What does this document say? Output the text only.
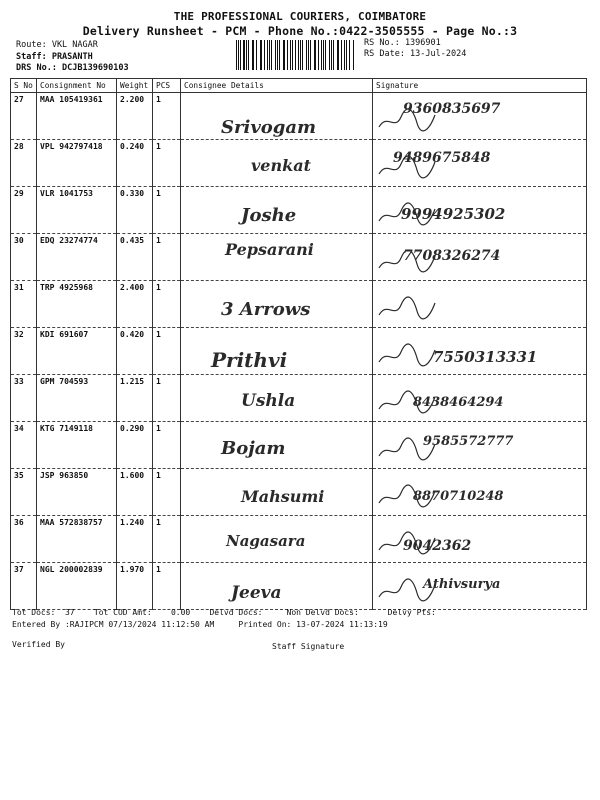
THE PROFESSIONAL COURIERS, COIMBATORE
Delivery Runsheet - PCM - Phone No.:0422-3505555 - Page No.:3
Route: VKL NAGAR
Staff: PRASANTH
DRS No.: DCJB139690103
RS No.: 1396901
RS Date: 13-Jul-2024
S No	Consignment No	Weight	PCS	Consignee Details	Signature
27	MAA 105419361	2.200	1	Srivogam	9360835697

28	VPL 942797418	0.240	1	venkat	9489675848

29	VLR 1041753	0.330	1	Joshe	9994925302

30	EDQ 23274774	0.435	1	Pepsarani	7708326274

31	TRP 4925968	2.400	1	3 Arrows

32	KDI 691607	0.420	1	Prithvi	7550313331

33	GPM 704593	1.215	1	Ushla	8438464294

34	KTG 7149118	0.290	1	Bojam	9585572777

35	JSP 963850	1.600	1	Mahsumi	8870710248

36	MAA 572838757	1.240	1	Nagasara	9042362

37	NGL 200002839	1.970	1	Jeeva	Athivsurya
Tot Docs:  37    Tot COD Amt:    0.00    Delvd Docs:     Non Delvd Docs:      Delvy Pts:
Entered By :RAJIPCM 07/13/2024 11:12:50 AM     Printed On: 13-07-2024 11:13:19
Verified By	Staff Signature
